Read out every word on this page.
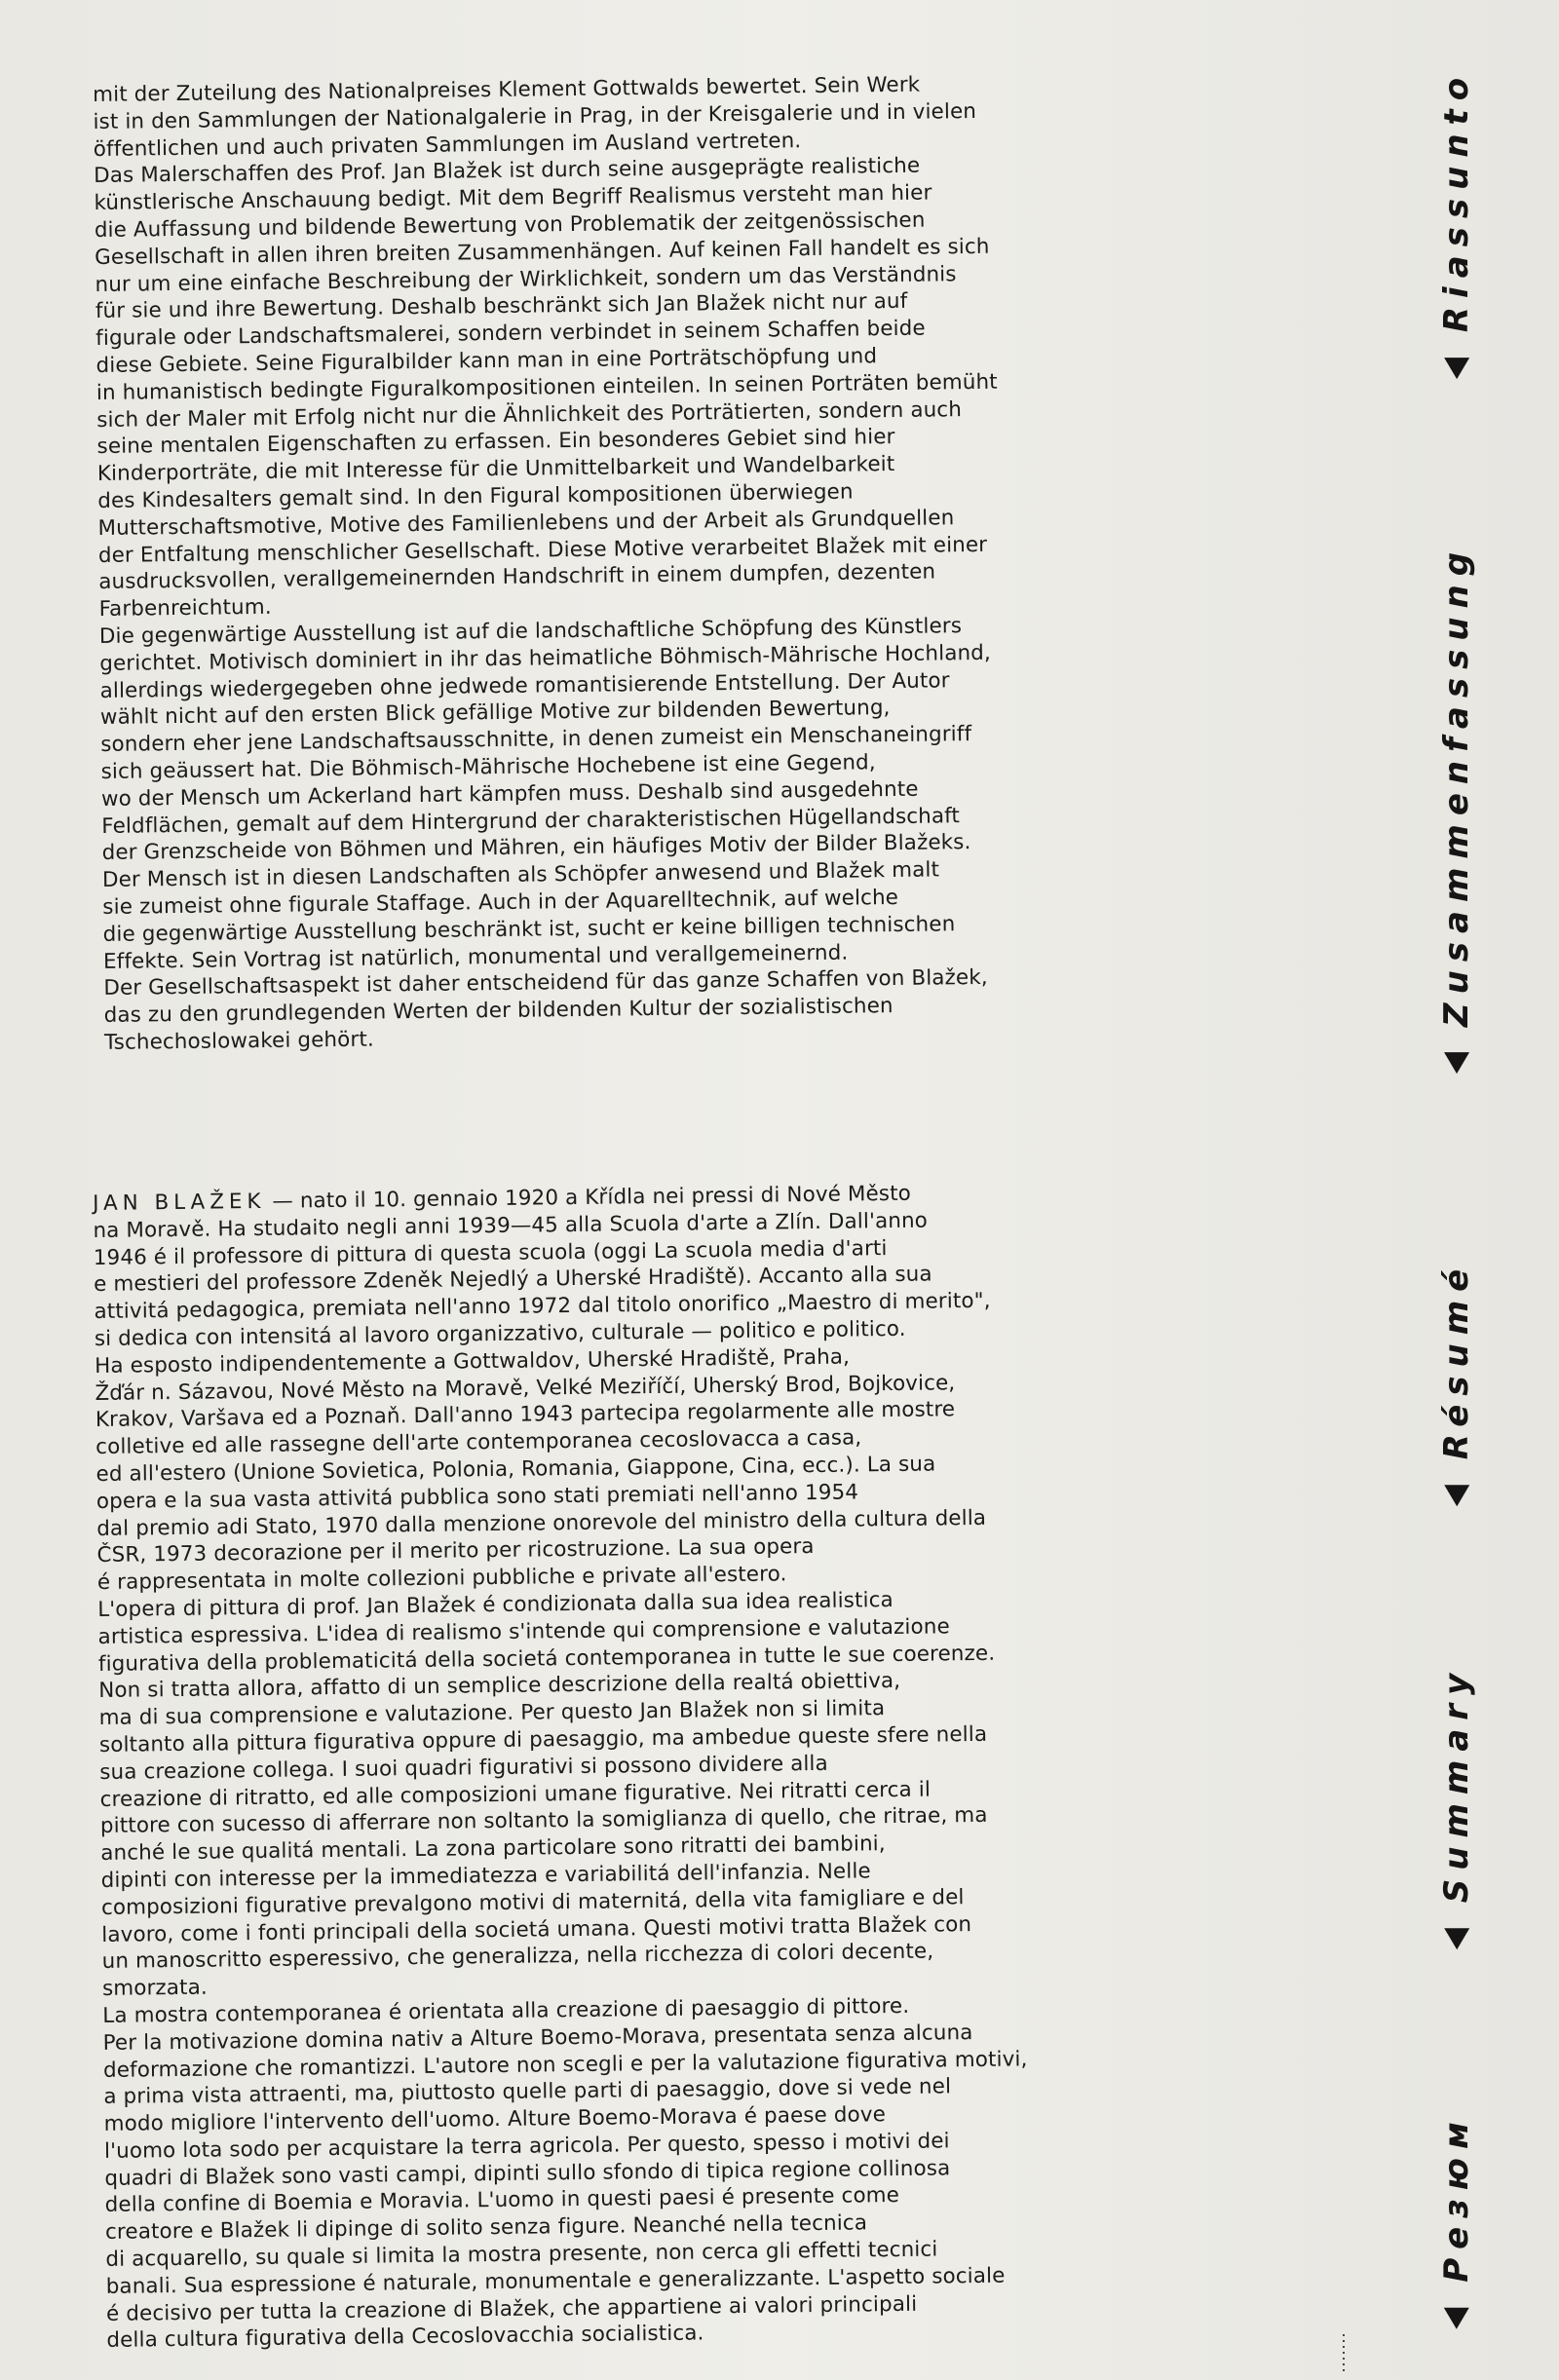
mit der Zuteilung des Nationalpreises Klement Gottwalds bewertet. Sein Werk
ist in den Sammlungen der Nationalgalerie in Prag, in der Kreisgalerie und in vielen
öffentlichen und auch privaten Sammlungen im Ausland vertreten.
Das Malerschaffen des Prof. Jan Blažek ist durch seine ausgeprägte realistiche
künstlerische Anschauung bedigt. Mit dem Begriff Realismus versteht man hier
die Auffassung und bildende Bewertung von Problematik der zeitgenössischen
Gesellschaft in allen ihren breiten Zusammenhängen. Auf keinen Fall handelt es sich
nur um eine einfache Beschreibung der Wirklichkeit, sondern um das Verständnis
für sie und ihre Bewertung. Deshalb beschränkt sich Jan Blažek nicht nur auf
figurale oder Landschaftsmalerei, sondern verbindet in seinem Schaffen beide
diese Gebiete. Seine Figuralbilder kann man in eine Porträtschöpfung und
in humanistisch bedingte Figuralkompositionen einteilen. In seinen Porträten bemüht
sich der Maler mit Erfolg nicht nur die Ähnlichkeit des Porträtierten, sondern auch
seine mentalen Eigenschaften zu erfassen. Ein besonderes Gebiet sind hier
Kinderporträte, die mit Interesse für die Unmittelbarkeit und Wandelbarkeit
des Kindesalters gemalt sind. In den Figural kompositionen überwiegen
Mutterschaftsmotive, Motive des Familienlebens und der Arbeit als Grundquellen
der Entfaltung menschlicher Gesellschaft. Diese Motive verarbeitet Blažek mit einer
ausdrucksvollen, verallgemeinernden Handschrift in einem dumpfen, dezenten
Farbenreichtum.
Die gegenwärtige Ausstellung ist auf die landschaftliche Schöpfung des Künstlers
gerichtet. Motivisch dominiert in ihr das heimatliche Böhmisch-Mährische Hochland,
allerdings wiedergegeben ohne jedwede romantisierende Entstellung. Der Autor
wählt nicht auf den ersten Blick gefällige Motive zur bildenden Bewertung,
sondern eher jene Landschaftsausschnitte, in denen zumeist ein Menschaneingriff
sich geäussert hat. Die Böhmisch-Mährische Hochebene ist eine Gegend,
wo der Mensch um Ackerland hart kämpfen muss. Deshalb sind ausgedehnte
Feldflächen, gemalt auf dem Hintergrund der charakteristischen Hügellandschaft
der Grenzscheide von Böhmen und Mähren, ein häufiges Motiv der Bilder Blažeks.
Der Mensch ist in diesen Landschaften als Schöpfer anwesend und Blažek malt
sie zumeist ohne figurale Staffage. Auch in der Aquarelltechnik, auf welche
die gegenwärtige Ausstellung beschränkt ist, sucht er keine billigen technischen
Effekte. Sein Vortrag ist natürlich, monumental und verallgemeinernd.
Der Gesellschaftsaspekt ist daher entscheidend für das ganze Schaffen von Blažek,
das zu den grundlegenden Werten der bildenden Kultur der sozialistischen
Tschechoslowakei gehört.

JAN BLAŽEK — nato il 10. gennaio 1920 a Křídla nei pressi di Nové Město

na Moravě. Ha studaito negli anni 1939—45 alla Scuola d'arte a Zlín. Dall'anno
1946 é il professore di pittura di questa scuola (oggi La scuola media d'arti
e mestieri del professore Zdeněk Nejedlý a Uherské Hradiště). Accanto alla sua
attivitá pedagogica, premiata nell'anno 1972 dal titolo onorifico „Maestro di merito",
si dedica con intensitá al lavoro organizzativo, culturale — politico e politico.
Ha esposto indipendentemente a Gottwaldov, Uherské Hradiště, Praha,
Žďár n. Sázavou, Nové Město na Moravě, Velké Meziříčí, Uherský Brod, Bojkovice,
Krakov, Varšava ed a Poznaň. Dall'anno 1943 partecipa regolarmente alle mostre
colletive ed alle rassegne dell'arte contemporanea cecoslovacca a casa,
ed all'estero (Unione Sovietica, Polonia, Romania, Giappone, Cina, ecc.). La sua
opera e la sua vasta attivitá pubblica sono stati premiati nell'anno 1954
dal premio adi Stato, 1970 dalla menzione onorevole del ministro della cultura della
ČSR, 1973 decorazione per il merito per ricostruzione. La sua opera
é rappresentata in molte collezioni pubbliche e private all'estero.
L'opera di pittura di prof. Jan Blažek é condizionata dalla sua idea realistica
artistica espressiva. L'idea di realismo s'intende qui comprensione e valutazione
figurativa della problematicitá della societá contemporanea in tutte le sue coerenze.
Non si tratta allora, affatto di un semplice descrizione della realtá obiettiva,
ma di sua comprensione e valutazione. Per questo Jan Blažek non si limita
soltanto alla pittura figurativa oppure di paesaggio, ma ambedue queste sfere nella
sua creazione collega. I suoi quadri figurativi si possono dividere alla
creazione di ritratto, ed alle composizioni umane figurative. Nei ritratti cerca il
pittore con sucesso di afferrare non soltanto la somiglianza di quello, che ritrae, ma
anché le sue qualitá mentali. La zona particolare sono ritratti dei bambini,
dipinti con interesse per la immediatezza e variabilitá dell'infanzia. Nelle
composizioni figurative prevalgono motivi di maternitá, della vita famigliare e del
lavoro, come i fonti principali della societá umana. Questi motivi tratta Blažek con
un manoscritto esperessivo, che generalizza, nella ricchezza di colori decente,
smorzata.
La mostra contemporanea é orientata alla creazione di paesaggio di pittore.
Per la motivazione domina nativ a Alture Boemo-Morava, presentata senza alcuna
deformazione che romantizzi. L'autore non scegli e per la valutazione figurativa motivi,
a prima vista attraenti, ma, piuttosto quelle parti di paesaggio, dove si vede nel
modo migliore l'intervento dell'uomo. Alture Boemo-Morava é paese dove
l'uomo lota sodo per acquistare la terra agricola. Per questo, spesso i motivi dei
quadri di Blažek sono vasti campi, dipinti sullo sfondo di tipica regione collinosa
della confine di Boemia e Moravia. L'uomo in questi paesi é presente come
creatore e Blažek li dipinge di solito senza figure. Neanché nella tecnica
di acquarello, su quale si limita la mostra presente, non cerca gli effetti tecnici
banali. Sua espressione é naturale, monumentale e generalizzante. L'aspetto sociale
é decisivo per tutta la creazione di Blažek, che appartiene ai valori principali
della cultura figurativa della Cecoslovacchia socialistica.

Riassunto
Zusammenfassung
Résumé
Summary
Резюм
